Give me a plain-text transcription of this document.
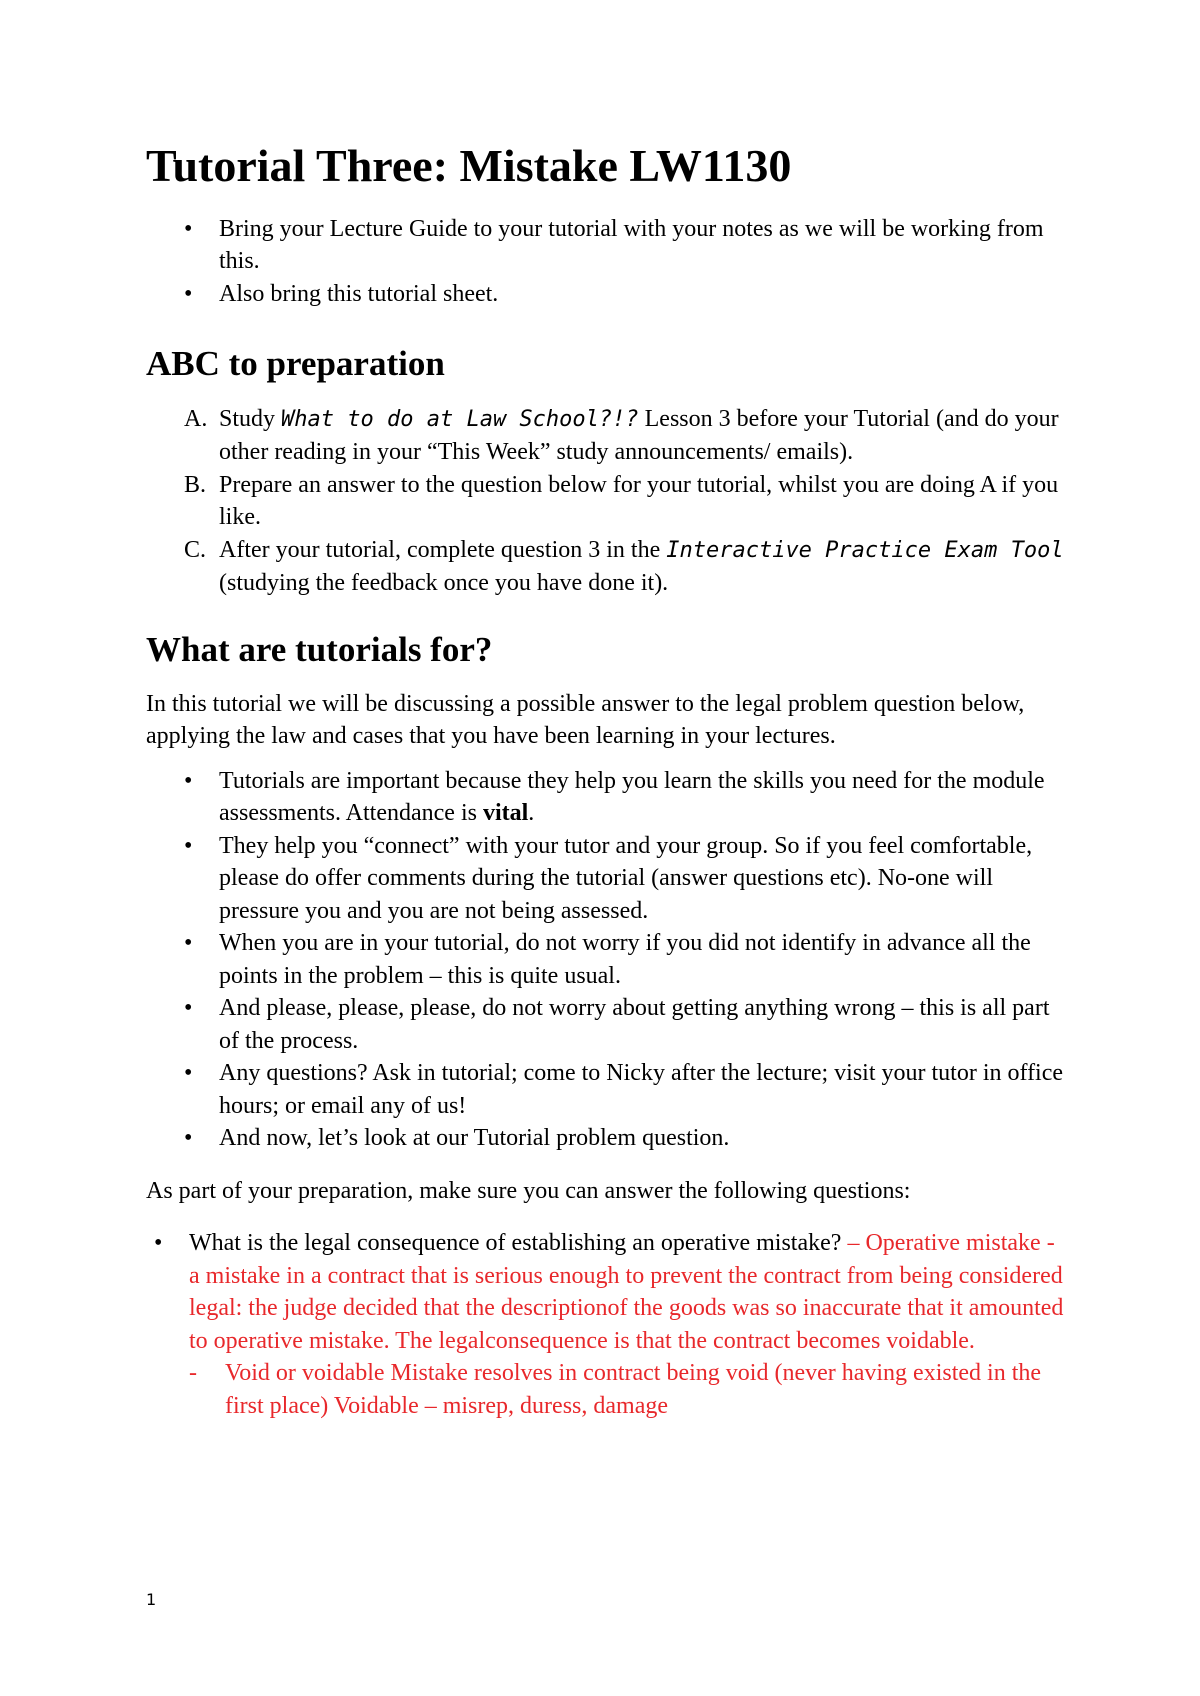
Tutorial Three: Mistake LW1130
• Bring your Lecture Guide to your tutorial with your notes as we will be working from this.
• Also bring this tutorial sheet.
ABC to preparation
A. Study What to do at Law School?!? Lesson 3 before your Tutorial (and do your other reading in your “This Week” study announcements/ emails).
B. Prepare an answer to the question below for your tutorial, whilst you are doing A if you like.
C. After your tutorial, complete question 3 in the Interactive Practice Exam Tool (studying the feedback once you have done it).
What are tutorials for?

In this tutorial we will be discussing a possible answer to the legal problem question below, applying the law and cases that you have been learning in your lectures.

• Tutorials are important because they help you learn the skills you need for the module assessments. Attendance is vital.
• They help you “connect” with your tutor and your group. So if you feel comfortable, please do offer comments during the tutorial (answer questions etc). No-one will pressure you and you are not being assessed.
• When you are in your tutorial, do not worry if you did not identify in advance all the points in the problem – this is quite usual.
• And please, please, please, do not worry about getting anything wrong – this is all part of the process.
• Any questions? Ask in tutorial; come to Nicky after the lecture; visit your tutor in office hours; or email any of us!
• And now, let’s look at our Tutorial problem question.

As part of your preparation, make sure you can answer the following questions:

• What is the legal consequence of establishing an operative mistake? – Operative mistake - a mistake in a contract that is serious enough to prevent the contract from being considered legal: the judge decided that the descriptionof the goods was so inaccurate that it amounted to operative mistake. The legalconsequence is that the contract becomes voidable.
- Void or voidable Mistake resolves in contract being void (never having existed in the first place) Voidable – misrep, duress, damage
1
